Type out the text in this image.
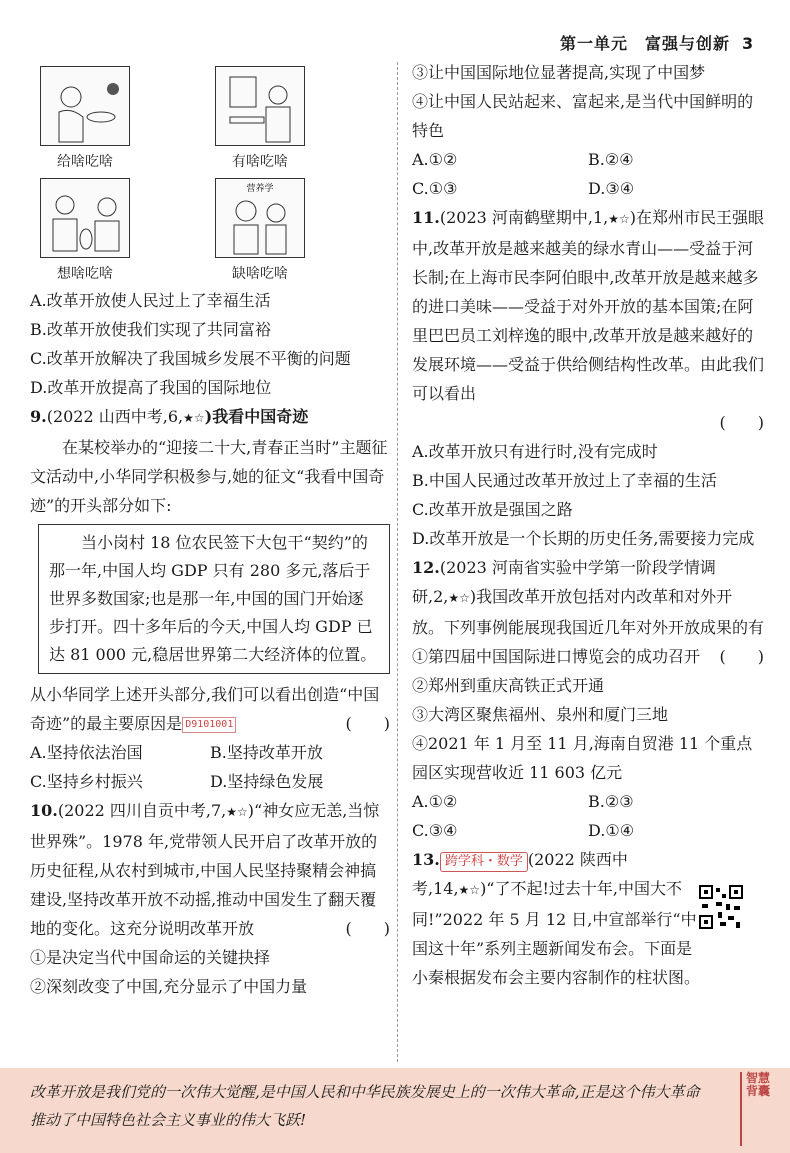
第一单元　富强与创新 3
给啥吃啥	有啥吃啥
想啥吃啥
营养学
缺啥吃啥

A.改革开放使人民过上了幸福生活

B.改革开放使我们实现了共同富裕

C.改革开放解决了我国城乡发展不平衡的问题

D.改革开放提高了我国的国际地位

9.(2022 山西中考,6,★☆)我看中国奇迹

在某校举办的“迎接二十大,青春正当时”主题征文活动中,小华同学积极参与,她的征文“我看中国奇迹”的开头部分如下:

当小岗村 18 位农民签下大包干“契约”的那一年,中国人均 GDP 只有 280 多元,落后于世界多数国家;也是那一年,中国的国门开始逐步打开。四十多年后的今天,中国人均 GDP 已达 81 000 元,稳居世界第二大经济体的位置。

从小华同学上述开头部分,我们可以看出创造“中国奇迹”的最主要原因是 D9101001	(　　)

A.坚持依法治国	B.坚持改革开放
C.坚持乡村振兴	D.坚持绿色发展

10.(2022 四川自贡中考,7,★☆)“神女应无恙,当惊世界殊”。1978 年,党带领人民开启了改革开放的历史征程,从农村到城市,中国人民坚持聚精会神搞建设,坚持改革开放不动摇,推动中国发生了翻天覆地的变化。这充分说明改革开放	(　　)

①是决定当代中国命运的关键抉择

②深刻改变了中国,充分显示了中国力量

③让中国国际地位显著提高,实现了中国梦

④让中国人民站起来、富起来,是当代中国鲜明的特色

A.①②	B.②④
C.①③	D.③④

11.(2023 河南鹤壁期中,1,★☆)在郑州市民王强眼中,改革开放是越来越美的绿水青山——受益于河长制;在上海市民李阿伯眼中,改革开放是越来越多的进口美味——受益于对外开放的基本国策;在阿里巴巴员工刘梓逸的眼中,改革开放是越来越好的发展环境——受益于供给侧结构性改革。由此我们可以看出

(　　)

A.改革开放只有进行时,没有完成时

B.中国人民通过改革开放过上了幸福的生活

C.改革开放是强国之路

D.改革开放是一个长期的历史任务,需要接力完成

12.(2023 河南省实验中学第一阶段学情调研,2,★☆)我国改革开放包括对内改革和对外开放。下列事例能展现我国近几年对外开放成果的有
(　　)

①第四届中国国际进口博览会的成功召开

②郑州到重庆高铁正式开通

③大湾区聚焦福州、泉州和厦门三地

④2021 年 1 月至 11 月,海南自贸港 11 个重点园区实现营收近 11 603 亿元

A.①②	B.②③
C.③④	D.①④

13. 跨学科・数学 (2022 陕西中考,14,★☆)“了不起!过去十年,中国大不同!”2022 年 5 月 12 日,中宣部举行“中国这十年”系列主题新闻发布会。下面是小秦根据发布会主要内容制作的柱状图。

改革开放是我们党的一次伟大觉醒,是中国人民和中华民族发展史上的一次伟大革命,正是这个伟大革命推动了中国特色社会主义事业的伟大飞跃!
智慧背囊
